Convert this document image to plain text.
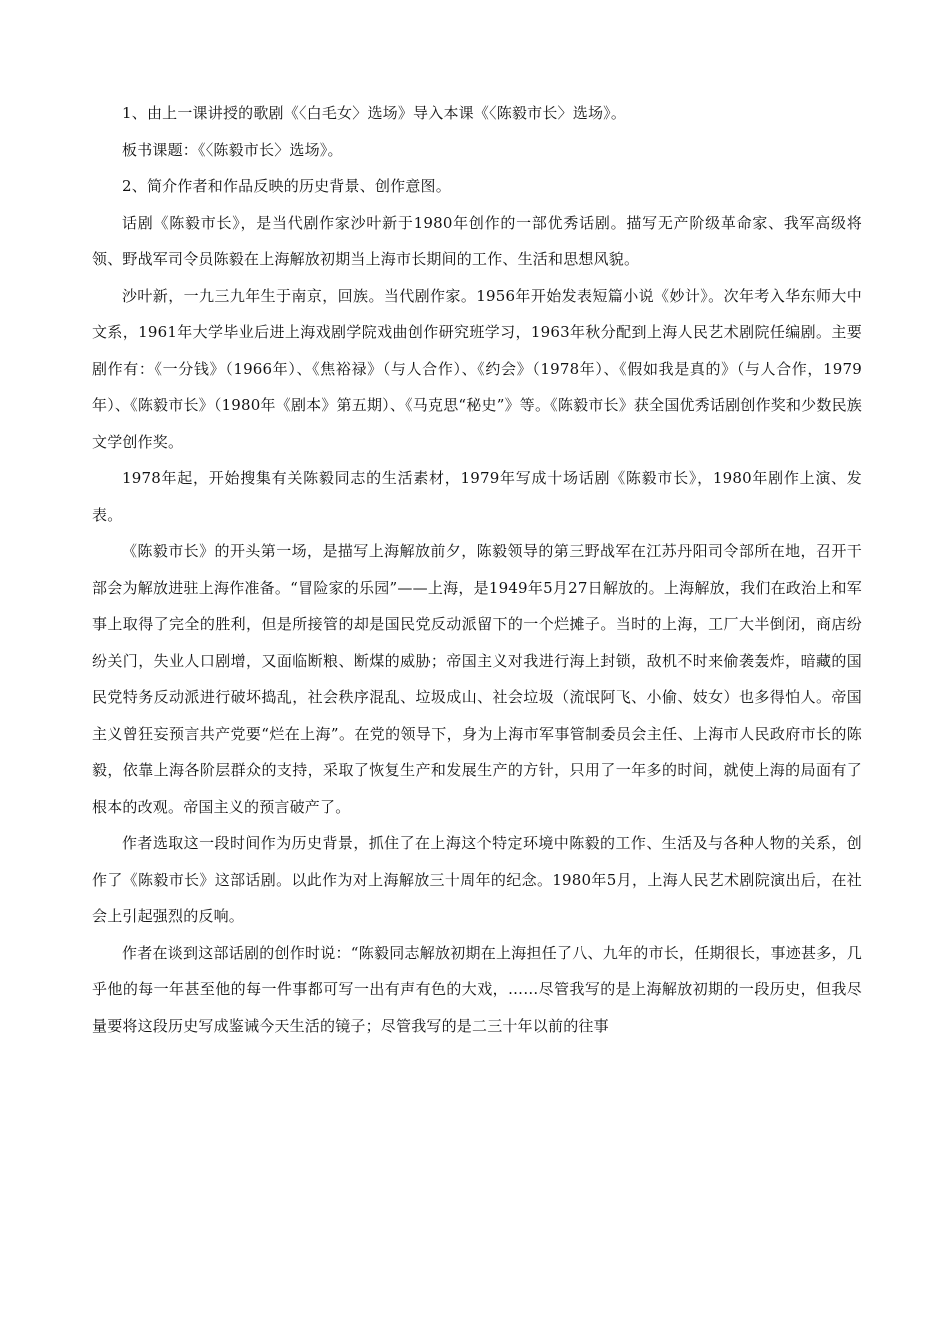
1、由上一课讲授的歌剧《〈白毛女〉选场》导入本课《〈陈毅市长〉选场》。

板书课题：《〈陈毅市长〉选场》。

2、简介作者和作品反映的历史背景、创作意图。

话剧《陈毅市长》，是当代剧作家沙叶新于1980年创作的一部优秀话剧。描写无产阶级革命家、我军高级将领、野战军司令员陈毅在上海解放初期当上海市长期间的工作、生活和思想风貌。

沙叶新，一九三九年生于南京，回族。当代剧作家。1956年开始发表短篇小说《妙计》。次年考入华东师大中文系，1961年大学毕业后进上海戏剧学院戏曲创作研究班学习，1963年秋分配到上海人民艺术剧院任编剧。主要剧作有：《一分钱》（1966年）、《焦裕禄》（与人合作）、《约会》（1978年）、《假如我是真的》（与人合作，1979年）、《陈毅市长》（1980年《剧本》第五期）、《马克思“秘史”》等。《陈毅市长》获全国优秀话剧创作奖和少数民族文学创作奖。

1978年起，开始搜集有关陈毅同志的生活素材，1979年写成十场话剧《陈毅市长》，1980年剧作上演、发表。

《陈毅市长》的开头第一场，是描写上海解放前夕，陈毅领导的第三野战军在江苏丹阳司令部所在地，召开干部会为解放进驻上海作准备。“冒险家的乐园”——上海，是1949年5月27日解放的。上海解放，我们在政治上和军事上取得了完全的胜利，但是所接管的却是国民党反动派留下的一个烂摊子。当时的上海，工厂大半倒闭，商店纷纷关门，失业人口剧增，又面临断粮、断煤的威胁；帝国主义对我进行海上封锁，敌机不时来偷袭轰炸，暗藏的国民党特务反动派进行破坏捣乱，社会秩序混乱、垃圾成山、社会垃圾（流氓阿飞、小偷、妓女）也多得怕人。帝国主义曾狂妄预言共产党要“烂在上海”。在党的领导下，身为上海市军事管制委员会主任、上海市人民政府市长的陈毅，依靠上海各阶层群众的支持，采取了恢复生产和发展生产的方针，只用了一年多的时间，就使上海的局面有了根本的改观。帝国主义的预言破产了。

作者选取这一段时间作为历史背景，抓住了在上海这个特定环境中陈毅的工作、生活及与各种人物的关系，创作了《陈毅市长》这部话剧。以此作为对上海解放三十周年的纪念。1980年5月，上海人民艺术剧院演出后，在社会上引起强烈的反响。

作者在谈到这部话剧的创作时说：“陈毅同志解放初期在上海担任了八、九年的市长，任期很长，事迹甚多，几乎他的每一年甚至他的每一件事都可写一出有声有色的大戏，……尽管我写的是上海解放初期的一段历史，但我尽量要将这段历史写成鉴诫今天生活的镜子；尽管我写的是二三十年以前的往事
